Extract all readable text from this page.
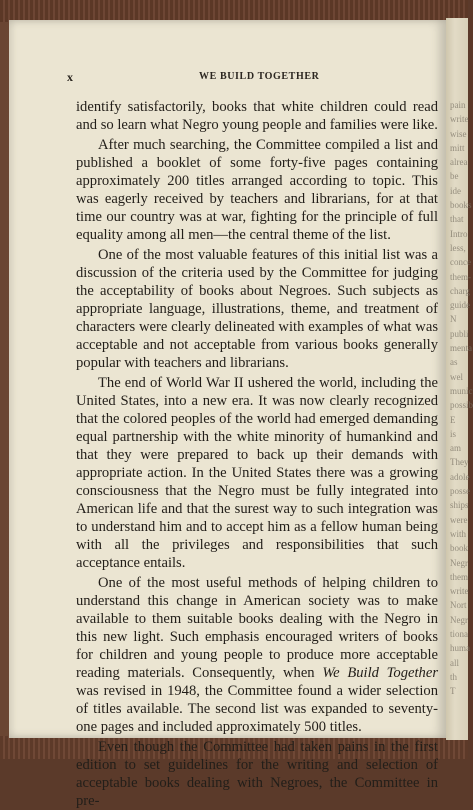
pain
write
wise
mitt
alrea
be ide
books
that
Intro
less,
conce
them-
charg
guide
N
publi
menta
as wel
munic
possib
E
is am
They
adole
posse
ships
were
with
book
Negr
them
write
Nort
Negr
tiona
huma
all th
T
x	WE BUILD TOGETHER

identify satisfactorily, books that white children could read and so learn what Negro young people and families were like.

After much searching, the Committee compiled a list and published a booklet of some forty-five pages containing approximately 200 titles arranged according to topic. This was eagerly received by teachers and librarians, for at that time our country was at war, fighting for the principle of full equality among all men—the central theme of the list.

One of the most valuable features of this initial list was a discussion of the criteria used by the Committee for judging the acceptability of books about Negroes. Such subjects as appropriate language, illustrations, theme, and treatment of characters were clearly delineated with examples of what was acceptable and not acceptable from various books generally popular with teachers and librarians.

The end of World War II ushered the world, including the United States, into a new era. It was now clearly recognized that the colored peoples of the world had emerged demanding equal partnership with the white minority of humankind and that they were prepared to back up their demands with appropriate action. In the United States there was a growing consciousness that the Negro must be fully integrated into American life and that the surest way to such integration was to understand him and to accept him as a fellow human being with all the privileges and responsibilities that such acceptance entails.

One of the most useful methods of helping children to understand this change in American society was to make available to them suitable books dealing with the Negro in this new light. Such emphasis encouraged writers of books for children and young people to produce more acceptable reading materials. Consequently, when We Build Together was revised in 1948, the Committee found a wider selection of titles available. The second list was expanded to seventy-one pages and included approximately 500 titles.

Even though the Committee had taken pains in the first edition to set guidelines for the writing and selection of acceptable books dealing with Negroes, the Committee in pre-
